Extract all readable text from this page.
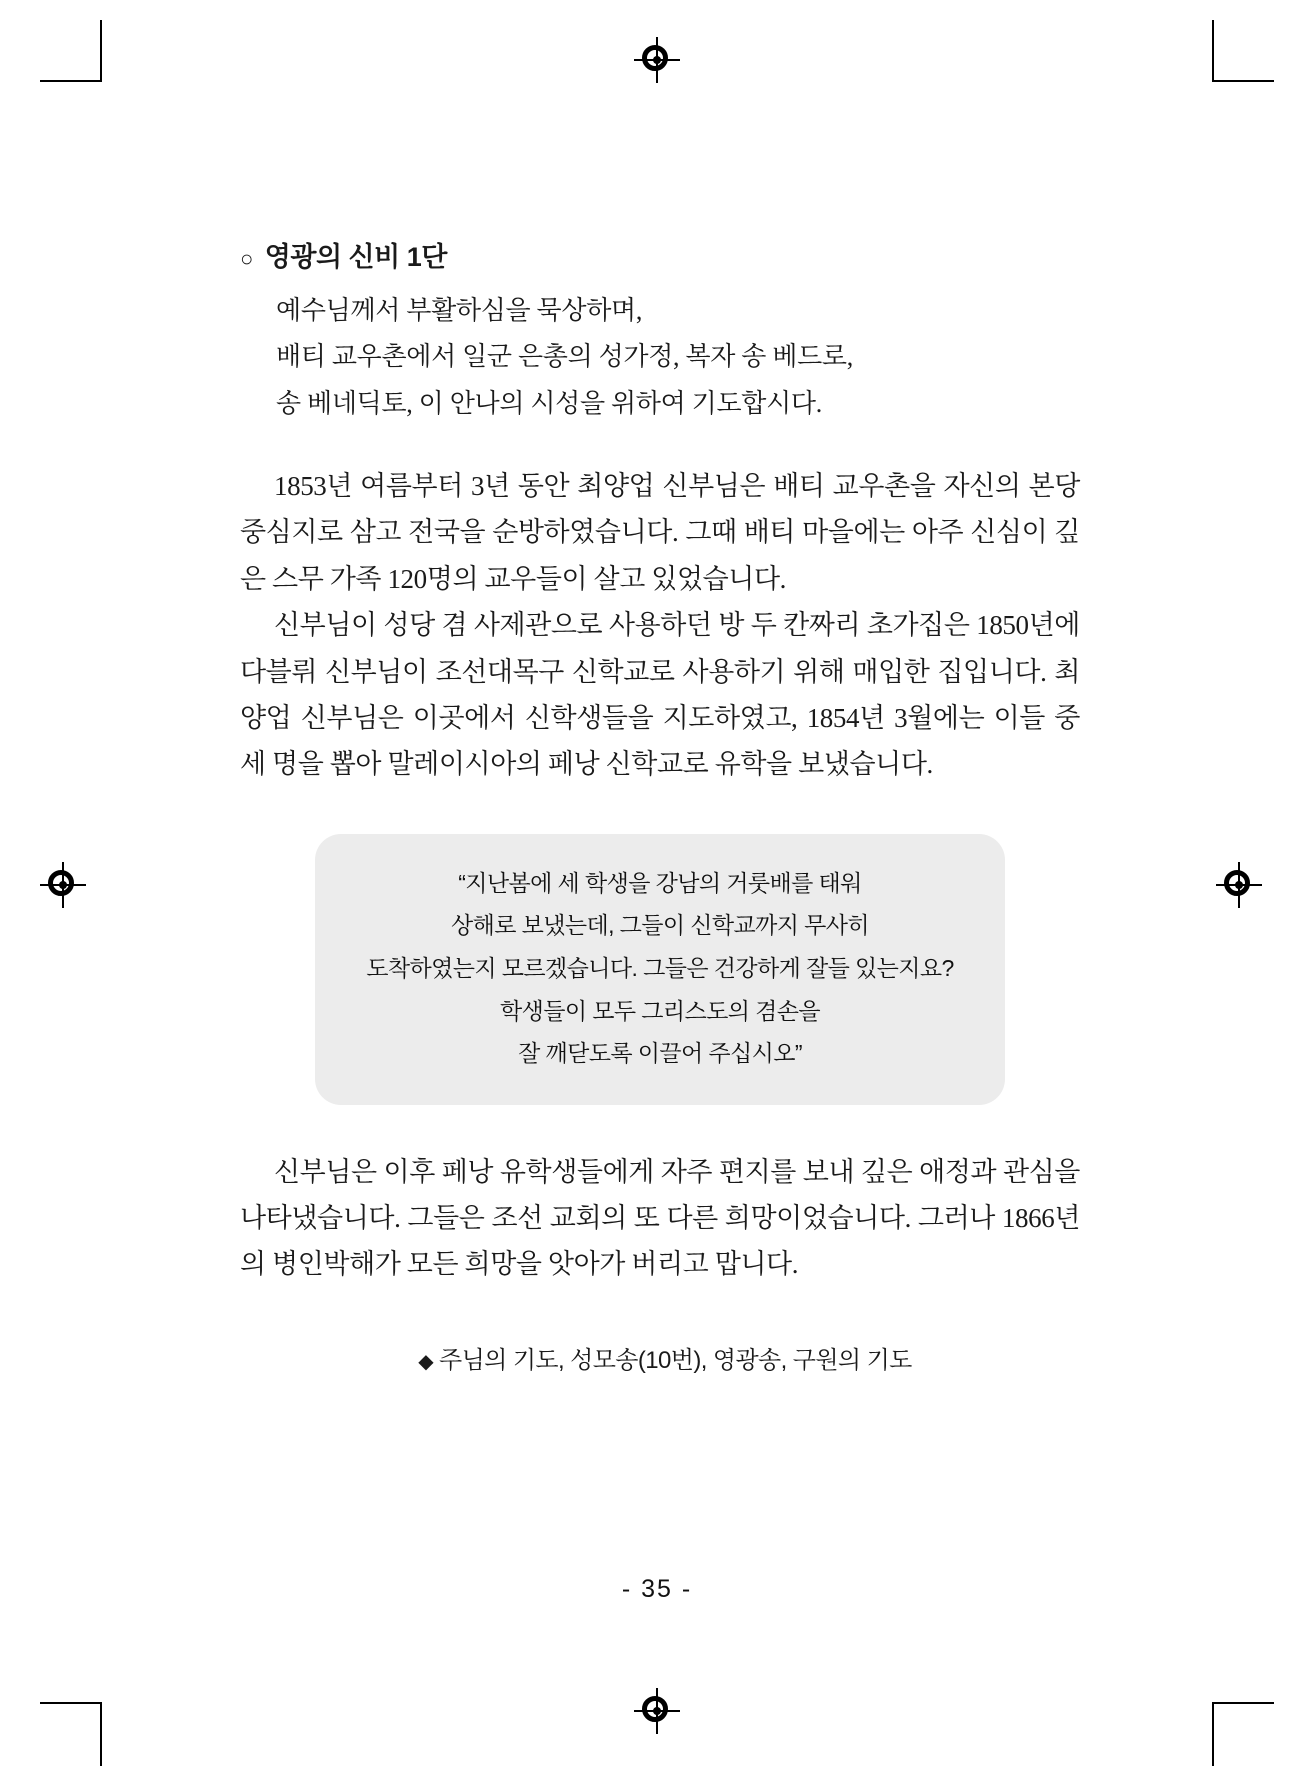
○ 영광의 신비 1단
예수님께서 부활하심을 묵상하며,
배티 교우촌에서 일군 은총의 성가정, 복자 송 베드로,
송 베네딕토, 이 안나의 시성을 위하여 기도합시다.

1853년 여름부터 3년 동안 최양업 신부님은 배티 교우촌을 자신의 본당 중심지로 삼고 전국을 순방하였습니다. 그때 배티 마을에는 아주 신심이 깊은 스무 가족 120명의 교우들이 살고 있었습니다.

신부님이 성당 겸 사제관으로 사용하던 방 두 칸짜리 초가집은 1850년에 다블뤼 신부님이 조선대목구 신학교로 사용하기 위해 매입한 집입니다. 최양업 신부님은 이곳에서 신학생들을 지도하였고, 1854년 3월에는 이들 중 세 명을 뽑아 말레이시아의 페낭 신학교로 유학을 보냈습니다.

“지난봄에 세 학생을 강남의 거룻배를 태워
상해로 보냈는데, 그들이 신학교까지 무사히
도착하였는지 모르겠습니다. 그들은 건강하게 잘들 있는지요?
학생들이 모두 그리스도의 겸손을
잘 깨닫도록 이끌어 주십시오”

신부님은 이후 페낭 유학생들에게 자주 편지를 보내 깊은 애정과 관심을 나타냈습니다. 그들은 조선 교회의 또 다른 희망이었습니다. 그러나 1866년의 병인박해가 모든 희망을 앗아가 버리고 맙니다.

◆ 주님의 기도, 성모송(10번), 영광송, 구원의 기도
- 35 -
